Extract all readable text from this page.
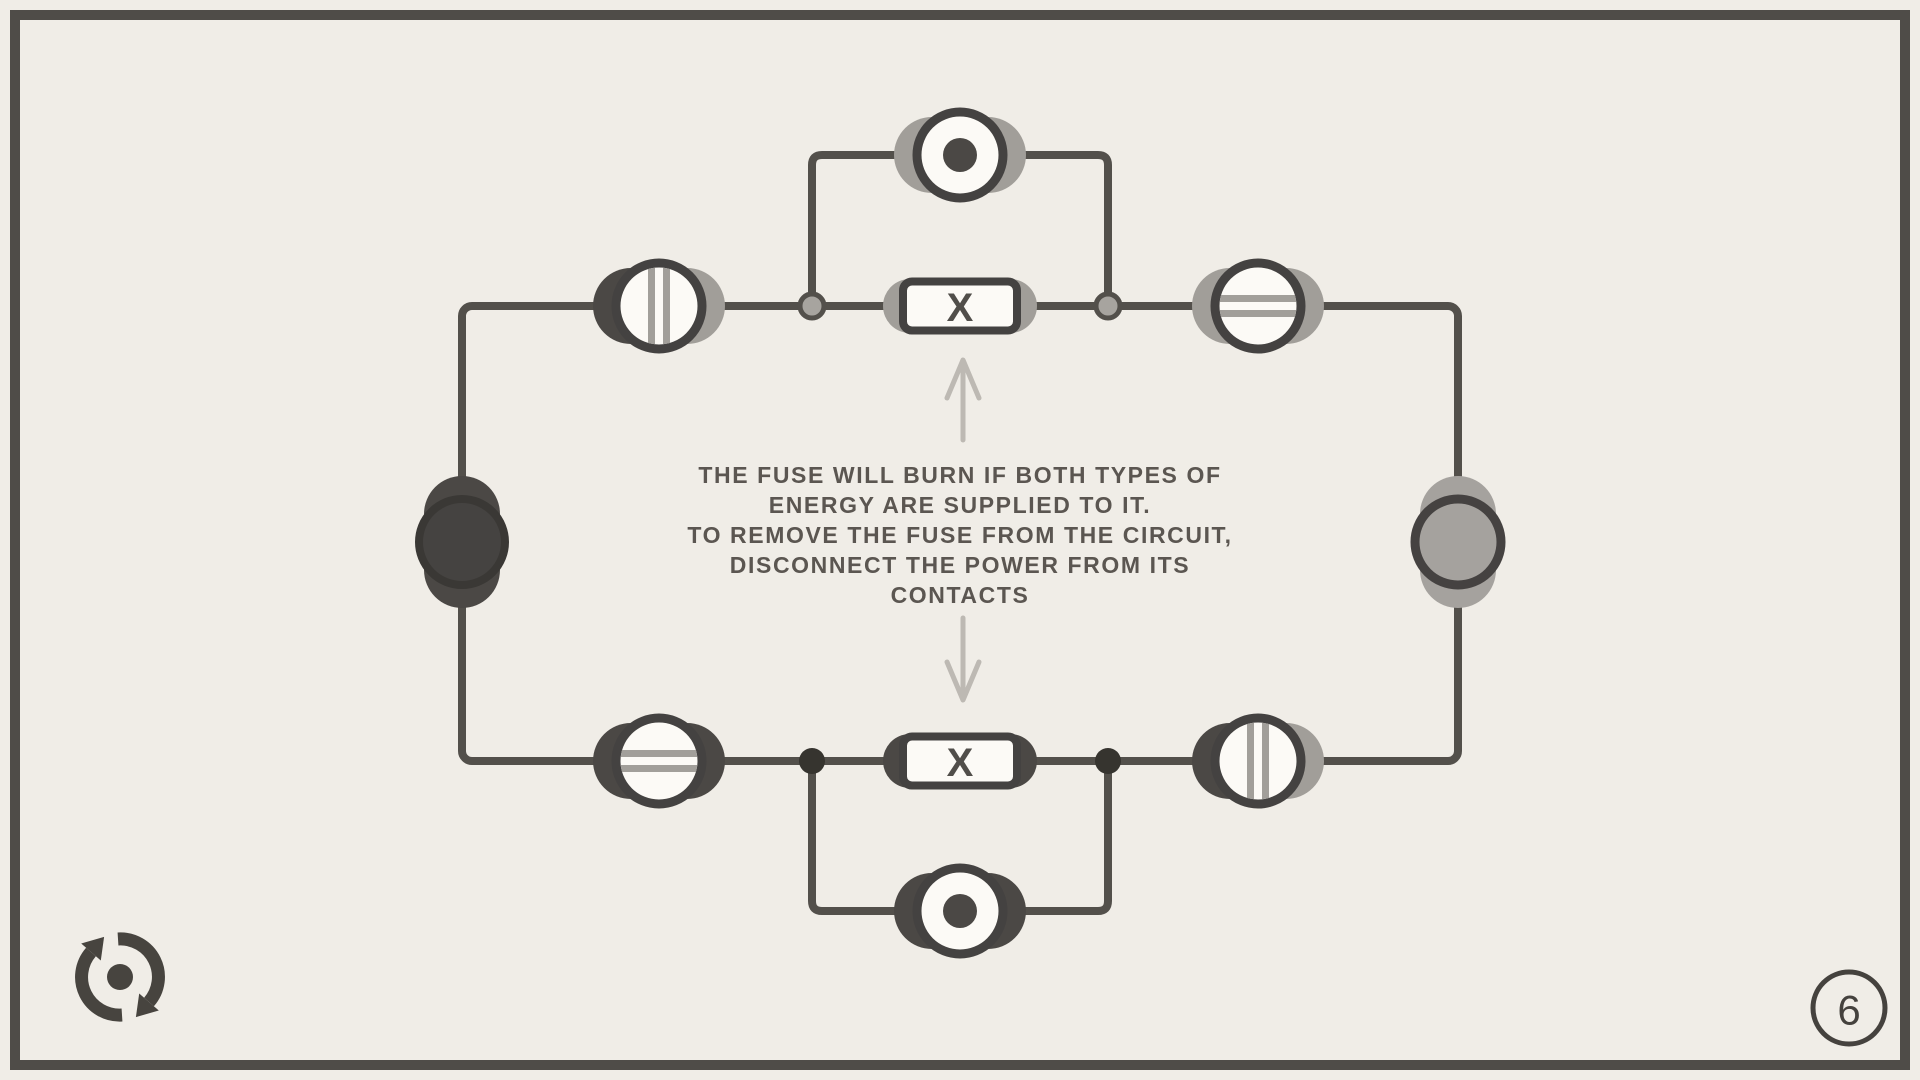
X
X
6
THE FUSE WILL BURN IF BOTH TYPES OF
ENERGY ARE SUPPLIED TO IT.
TO REMOVE THE FUSE FROM THE CIRCUIT,
DISCONNECT THE POWER FROM ITS
CONTACTS
